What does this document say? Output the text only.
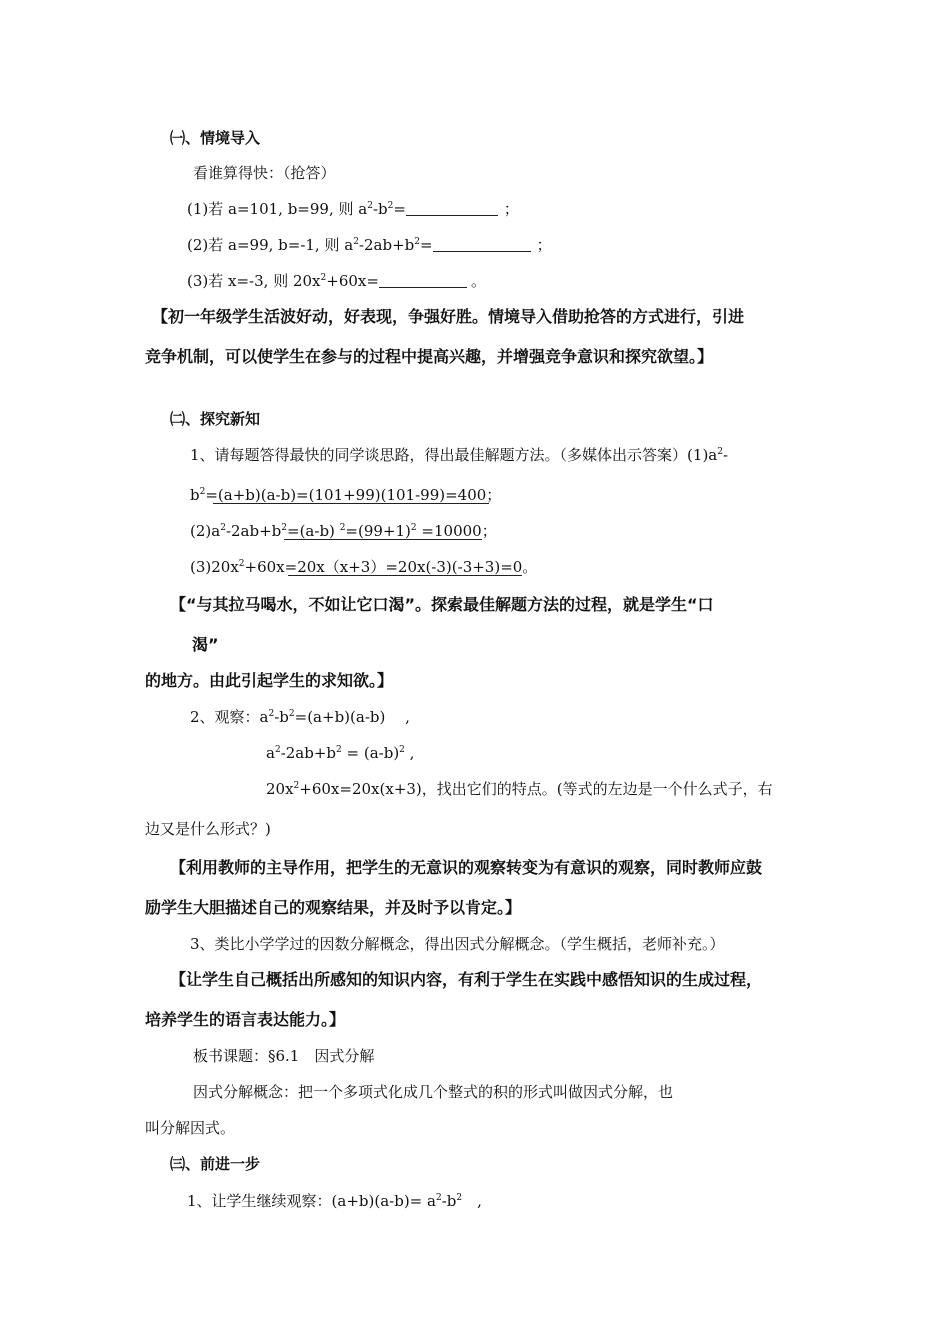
㈠、情境导入
看谁算得快：（抢答）
(1)若 a=101, b=99, 则 $a^2-b^2=$	；
(2)若 a=99, b=-1, 则 $a^2-2ab+b^2=$	；
(3)若 x=-3, 则 $20x^2+60x=$	。
【初一年级学生活波好动，好表现，争强好胜。情境导入借助抢答的方式进行，引进
竞争机制，可以使学生在参与的过程中提高兴趣，并增强竞争意识和探究欲望。】
㈡、探究新知
1、请每题答得最快的同学谈思路，得出最佳解题方法。（多媒体出示答案）$(1)a^2-$
$b^2=(a+b)(a-b)=(101+99)(101-99)=400$；
$(2)a^2-2ab+b^2=(a-b)$ $^2=(99+1)^2 =10000$；
$(3)20x^2+60x=20x(x+3)=20x(-3)(-3+3)=0$。
【“与其拉马喝水，不如让它口渴”。探索最佳解题方法的过程，就是学生“口
渴”
的地方。由此引起学生的求知欲。】
2、观察：$a^2-b^2=(a+b)(a-b)$　 ,
$a^2-2ab+b^2 = (a-b)^2$ ,
$20x^2+60x=20x(x+3)$，找出它们的特点。(等式的左边是一个什么式子，右
边又是什么形式？)
【利用教师的主导作用，把学生的无意识的观察转变为有意识的观察，同时教师应鼓
励学生大胆描述自己的观察结果，并及时予以肯定。】
3、类比小学学过的因数分解概念，得出因式分解概念。（学生概括，老师补充。）
【让学生自己概括出所感知的知识内容，有利于学生在实践中感悟知识的生成过程，
培养学生的语言表达能力。】
板书课题：§6.1　因式分解
因式分解概念：把一个多项式化成几个整式的积的形式叫做因式分解，也
叫分解因式。
㈢、前进一步
1、让学生继续观察：$(a+b)(a-b)= a^2-b^2$　,
